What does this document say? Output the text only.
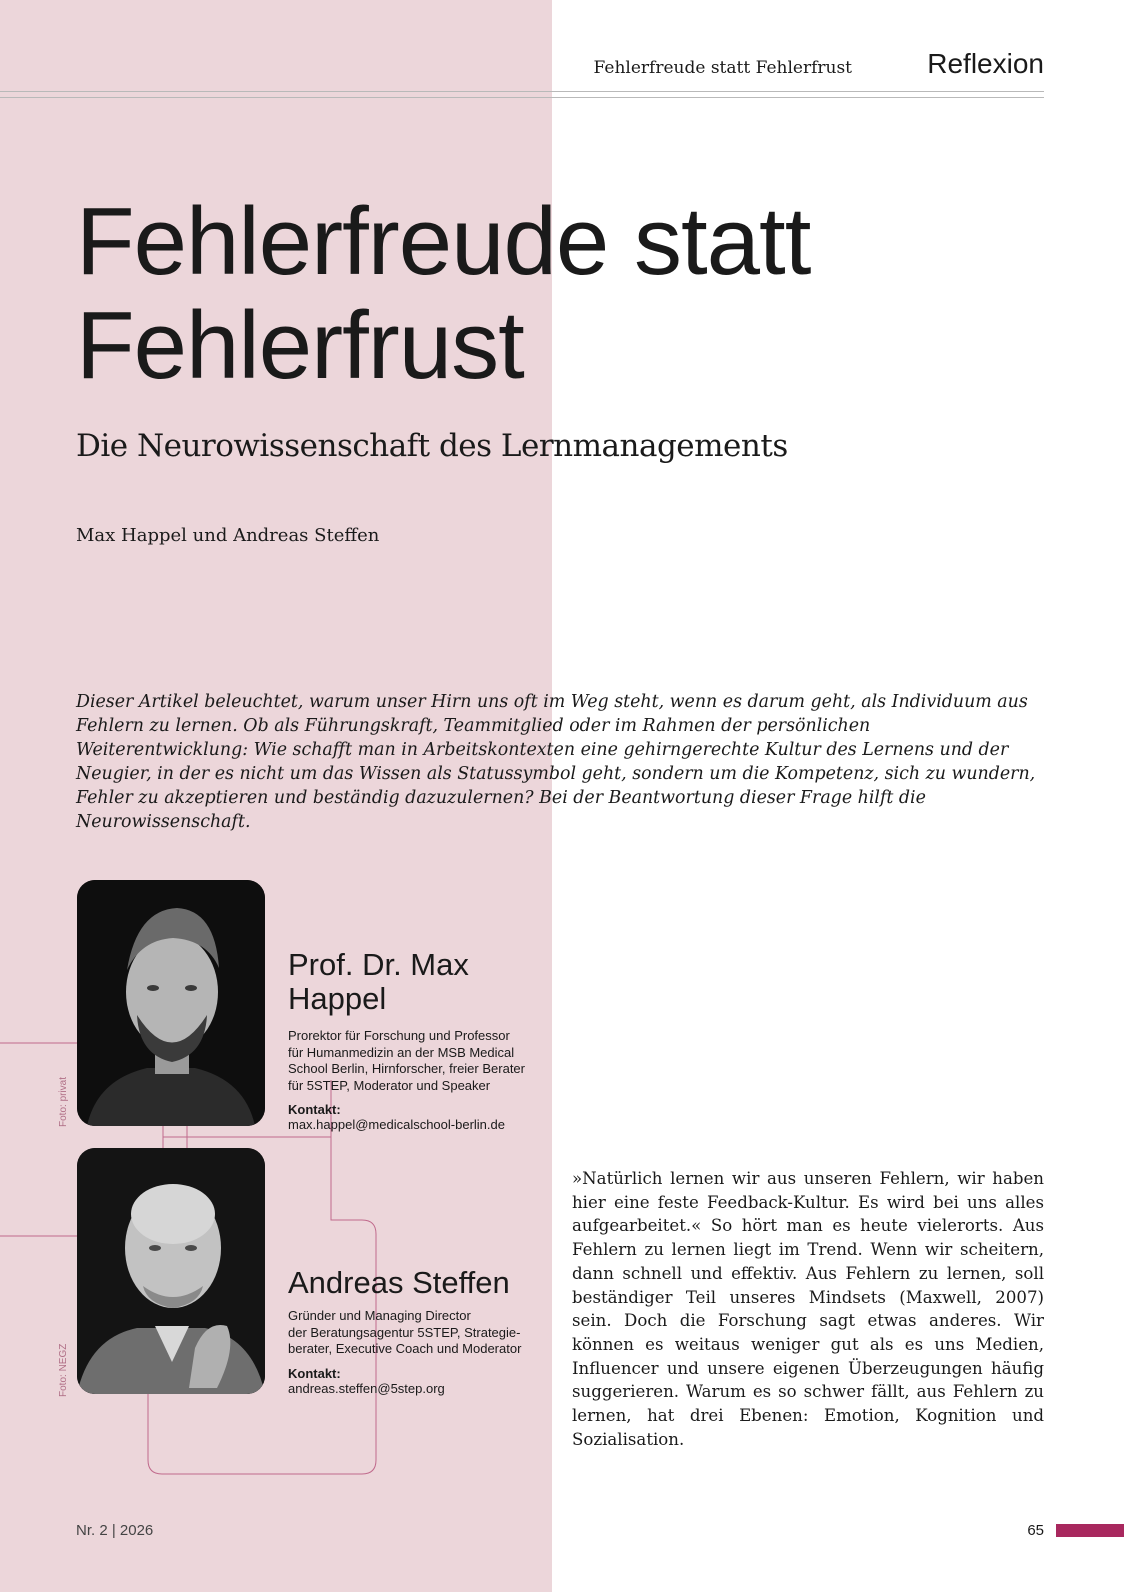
Fehlerfreude statt Fehlerfrust	Reflexion
Fehlerfreude statt
Fehlerfrust
Die Neurowissenschaft des Lernmanagements
Max Happel und Andreas Steffen

Dieser Artikel beleuchtet, warum unser Hirn uns oft im Weg steht, wenn es darum geht, als Individuum aus Fehlern zu lernen. Ob als Führungskraft, Teammitglied oder im Rahmen der persönlichen Weiterentwicklung: Wie schafft man in Arbeitskontexten eine gehirngerechte Kultur des Lernens und der Neugier, in der es nicht um das Wissen als Statussymbol geht, sondern um die Kompetenz, sich zu wundern, Fehler zu akzeptieren und beständig dazuzulernen? Bei der Beantwortung dieser Frage hilft die Neurowissenschaft.

Foto: privat
Prof. Dr. Max
Happel
Prorektor für Forschung und Professor
für Humanmedizin an der MSB Medical
School Berlin, Hirnforscher, freier Berater
für 5STEP, Moderator und Speaker
Kontakt:
max.happel@medicalschool-berlin.de
Foto: NEGZ
Andreas Steffen
Gründer und Managing Director
der Beratungsagentur 5STEP, Strategie-
berater, Executive Coach und Moderator
Kontakt:
andreas.steffen@5step.org

»Natürlich lernen wir aus unseren Fehlern, wir haben hier eine feste Feedback-Kultur. Es wird bei uns alles aufgearbeitet.« So hört man es heute vielerorts. Aus Fehlern zu lernen liegt im Trend. Wenn wir scheitern, dann schnell und effektiv. Aus Fehlern zu lernen, soll beständiger Teil unseres Mindsets (Maxwell, 2007) sein. Doch die Forschung sagt etwas anderes. Wir können es weitaus weniger gut als es uns Medien, Influencer und unsere eigenen Überzeugungen häufig suggerieren. Warum es so schwer fällt, aus Fehlern zu lernen, hat drei Ebenen: Emotion, Kognition und Sozialisation.

Nr. 2 | 2026	65
